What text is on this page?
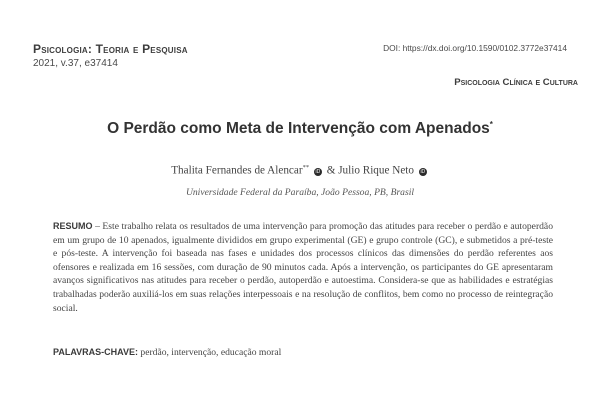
Psicologia: Teoria e Pesquisa
2021, v.37, e37414
DOI: https://dx.doi.org/10.1590/0102.3772e37414
Psicologia Clínica e Cultura
O Perdão como Meta de Intervenção com Apenados*
Thalita Fernandes de Alencar** iD & Julio Rique Neto iD
Universidade Federal da Paraíba, João Pessoa, PB, Brasil
RESUMO – Este trabalho relata os resultados de uma intervenção para promoção das atitudes para receber o perdão e autoperdão em um grupo de 10 apenados, igualmente divididos em grupo experimental (GE) e grupo controle (GC), e submetidos a pré-teste e pós-teste. A intervenção foi baseada nas fases e unidades dos processos clínicos das dimensões do perdão referentes aos ofensores e realizada em 16 sessões, com duração de 90 minutos cada. Após a intervenção, os participantes do GE apresentaram avanços significativos nas atitudes para receber o perdão, autoperdão e autoestima. Considera-se que as habilidades e estratégias trabalhadas poderão auxiliá-los em suas relações interpessoais e na resolução de conflitos, bem como no processo de reintegração social.
PALAVRAS-CHAVE: perdão, intervenção, educação moral
